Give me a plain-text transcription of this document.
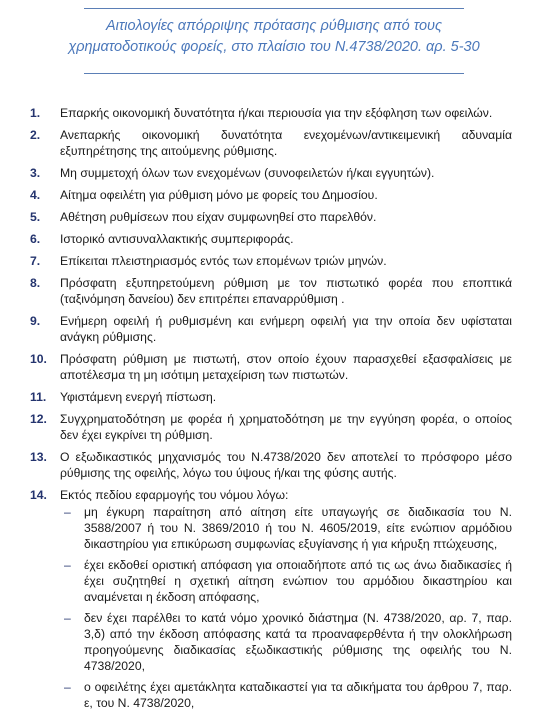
Αιτιολογίες απόρριψης πρότασης ρύθμισης από τους
χρηματοδοτικούς φορείς, στο πλαίσιο του Ν.4738/2020. αρ. 5-30
1. Επαρκής οικονομική δυνατότητα ή/και περιουσία για την εξόφληση των οφειλών.
2. Ανεπαρκής οικονομική δυνατότητα ενεχομένων/αντικειμενική αδυναμία εξυπηρέτησης της αιτούμενης ρύθμισης.
3. Μη συμμετοχή όλων των ενεχομένων (συνοφειλετών ή/και εγγυητών).
4. Αίτημα οφειλέτη για ρύθμιση μόνο με φορείς του Δημοσίου.
5. Αθέτηση ρυθμίσεων που είχαν συμφωνηθεί στο παρελθόν.
6. Ιστορικό αντισυναλλακτικής συμπεριφοράς.
7. Επίκειται πλειστηριασμός εντός των επομένων τριών μηνών.
8. Πρόσφατη εξυπηρετούμενη ρύθμιση με τον πιστωτικό φορέα που εποπτικά (ταξινόμηση δανείου) δεν επιτρέπει επαναρρύθμιση .
9. Ενήμερη οφειλή ή ρυθμισμένη και ενήμερη οφειλή για την οποία δεν υφίσταται ανάγκη ρύθμισης.
10. Πρόσφατη ρύθμιση με πιστωτή, στον οποίο έχουν παρασχεθεί εξασφαλίσεις με αποτέλεσμα τη μη ισότιμη μεταχείριση των πιστωτών.
11. Υφιστάμενη ενεργή πίστωση.
12. Συγχρηματοδότηση με φορέα ή χρηματοδότηση με την εγγύηση φορέα, ο οποίος δεν έχει εγκρίνει τη ρύθμιση.
13. Ο εξωδικαστικός μηχανισμός του Ν.4738/2020 δεν αποτελεί το πρόσφορο μέσο ρύθμισης της οφειλής, λόγω του ύψους ή/και της φύσης αυτής.
14. Εκτός πεδίου εφαρμογής του νόμου λόγω:
– μη έγκυρη παραίτηση από αίτηση είτε υπαγωγής σε διαδικασία του Ν. 3588/2007 ή του Ν. 3869/2010 ή του Ν. 4605/2019, είτε ενώπιον αρμόδιου δικαστηρίου για επικύρωση συμφωνίας εξυγίανσης ή για κήρυξη πτώχευσης,
– έχει εκδοθεί οριστική απόφαση για οποιαδήποτε από τις ως άνω διαδικασίες ή έχει συζητηθεί η σχετική αίτηση ενώπιον του αρμόδιου δικαστηρίου και αναμένεται η έκδοση απόφασης,
– δεν έχει παρέλθει το κατά νόμο χρονικό διάστημα (Ν. 4738/2020, αρ. 7, παρ. 3,δ) από την έκδοση απόφασης κατά τα προαναφερθέντα ή την ολοκλήρωση προηγούμενης διαδικασίας εξωδικαστικής ρύθμισης της οφειλής του Ν. 4738/2020,
– ο οφειλέτης έχει αμετάκλητα καταδικαστεί για τα αδικήματα του άρθρου 7, παρ. ε, του Ν. 4738/2020,
